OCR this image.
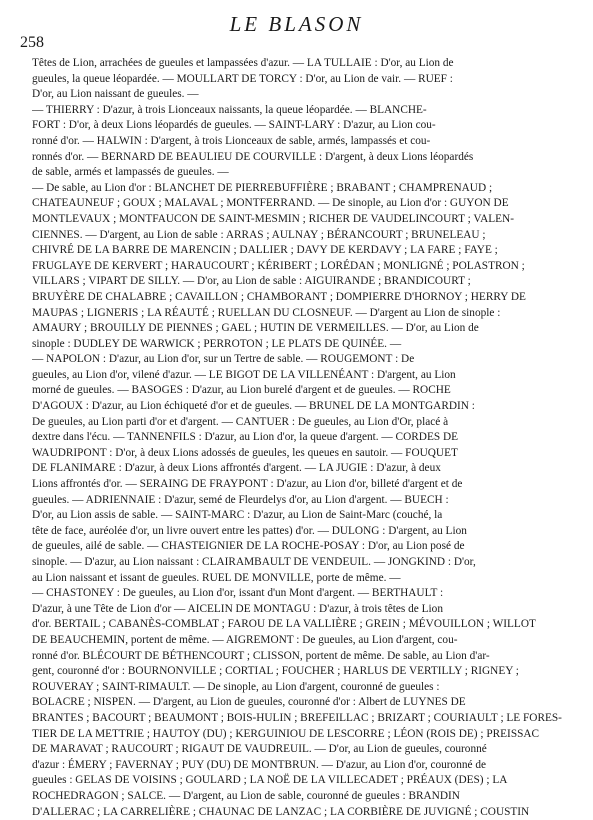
258
LE BLASON
Têtes de Lion, arrachées de gueules et lampassées d'azur. — LA TULLAIE : D'or, au Lion de
gueules, la queue léopardée. — MOULLART DE TORCY : D'or, au Lion de vair. — RUEF :
D'or, au Lion naissant de gueules. —
— THIERRY : D'azur, à trois Lionceaux naissants, la queue léopardée. — BLANCHE-
FORT : D'or, à deux Lions léopardés de gueules. — SAINT-LARY : D'azur, au Lion cou-
ronné d'or. — HALWIN : D'argent, à trois Lionceaux de sable, armés, lampassés et cou-
ronnés d'or. — BERNARD DE BEAULIEU DE COURVILLE : D'argent, à deux Lions léopardés
de sable, armés et lampassés de gueules. —
— De sable, au Lion d'or : BLANCHET DE PIERREBUFFIÈRE ; BRABANT ; CHAMPRENAUD ;
CHATEAUNEUF ; GOUX ; MALAVAL ; MONTFERRAND. — De sinople, au Lion d'or : GUYON DE
MONTLEVAUX ; MONTFAUCON DE SAINT-MESMIN ; RICHER DE VAUDELINCOURT ; VALEN-
CIENNES. — D'argent, au Lion de sable : ARRAS ; AULNAY ; BÉRANCOURT ; BRUNELEAU ;
CHIVRÉ DE LA BARRE DE MARENCIN ; DALLIER ; DAVY DE KERDAVY ; LA FARE ; FAYE ;
FRUGLAYE DE KERVERT ; HARAUCOURT ; KÉRIBERT ; LORÉDAN ; MONLIGNÉ ; POLASTRON ;
VILLARS ; VIPART DE SILLY. — D'or, au Lion de sable : AIGUIRANDE ; BRANDICOURT ;
BRUYÈRE DE CHALABRE ; CAVAILLON ; CHAMBORANT ; DOMPIERRE D'HORNOY ; HERRY DE
MAUPAS ; LIGNERIS ; LA RÉAUTÉ ; RUELLAN DU CLOSNEUF. — D'argent au Lion de sinople :
AMAURY ; BROUILLY DE PIENNES ; GAEL ; HUTIN DE VERMEILLES. — D'or, au Lion de
sinople : DUDLEY DE WARWICK ; PERROTON ; LE PLATS DE QUINÉE. —
— NAPOLON : D'azur, au Lion d'or, sur un Tertre de sable. — ROUGEMONT : De
gueules, au Lion d'or, vilené d'azur. — LE BIGOT DE LA VILLENÉANT : D'argent, au Lion
morné de gueules. — BASOGES : D'azur, au Lion burelé d'argent et de gueules. — ROCHE
D'AGOUX : D'azur, au Lion échiqueté d'or et de gueules. — BRUNEL DE LA MONTGARDIN :
De gueules, au Lion parti d'or et d'argent. — CANTUER : De gueules, au Lion d'Or, placé à
dextre dans l'écu. — TANNENFILS : D'azur, au Lion d'or, la queue d'argent. — CORDES DE
WAUDRIPONT : D'or, à deux Lions adossés de gueules, les queues en sautoir. — FOUQUET
DE FLANIMARE : D'azur, à deux Lions affrontés d'argent. — LA JUGIE : D'azur, à deux
Lions affrontés d'or. — SERAING DE FRAYPONT : D'azur, au Lion d'or, billeté d'argent et de
gueules. — ADRIENNAIE : D'azur, semé de Fleurdelys d'or, au Lion d'argent. — BUECH :
D'or, au Lion assis de sable. — SAINT-MARC : D'azur, au Lion de Saint-Marc (couché, la
tête de face, auréolée d'or, un livre ouvert entre les pattes) d'or. — DULONG : D'argent, au Lion
de gueules, ailé de sable. — CHASTEIGNIER DE LA ROCHE-POSAY : D'or, au Lion posé de
sinople. — D'azur, au Lion naissant : CLAIRAMBAULT DE VENDEUIL. — JONGKIND : D'or,
au Lion naissant et issant de gueules. RUEL DE MONVILLE, porte de même. —
— CHASTONEY : De gueules, au Lion d'or, issant d'un Mont d'argent. — BERTHAULT :
D'azur, à une Tête de Lion d'or — AICELIN DE MONTAGU : D'azur, à trois têtes de Lion
d'or. BERTAIL ; CABANÈS-COMBLAT ; FAROU DE LA VALLIÈRE ; GREIN ; MÉVOUILLON ; WILLOT
DE BEAUCHEMIN, portent de même. — AIGREMONT : De gueules, au Lion d'argent, cou-
ronné d'or. BLÉCOURT DE BÉTHENCOURT ; CLISSON, portent de même. De sable, au Lion d'ar-
gent, couronné d'or : BOURNONVILLE ; CORTIAL ; FOUCHER ; HARLUS DE VERTILLY ; RIGNEY ;
ROUVERAY ; SAINT-RIMAULT. — De sinople, au Lion d'argent, couronné de gueules :
BOLACRE ; NISPEN. — D'argent, au Lion de gueules, couronné d'or : Albert de LUYNES DE
BRANTES ; BACOURT ; BEAUMONT ; BOIS-HULIN ; BREFEILLAC ; BRIZART ; COURIAULT ; LE FORES-
TIER DE LA METTRIE ; HAUTOY (DU) ; KERGUINIOU DE LESCORRE ; LÉON (ROIS DE) ; PREISSAC
DE MARAVAT ; RAUCOURT ; RIGAUT DE VAUDREUIL. — D'or, au Lion de gueules, couronné
d'azur : ÉMERY ; FAVERNAY ; PUY (DU) DE MONTBRUN. — D'azur, au Lion d'or, couronné de
gueules : GELAS DE VOISINS ; GOULARD ; LA NOË DE LA VILLECADET ; PRÉAUX (DES) ; LA
ROCHEDRAGON ; SALCE. — D'argent, au Lion de sable, couronné de gueules : BRANDIN
D'ALLERAC ; LA CARRELIÈRE ; CHAUNAC DE LANZAC ; LA CORBIÈRE DE JUVIGNÉ ; COUSTIN
